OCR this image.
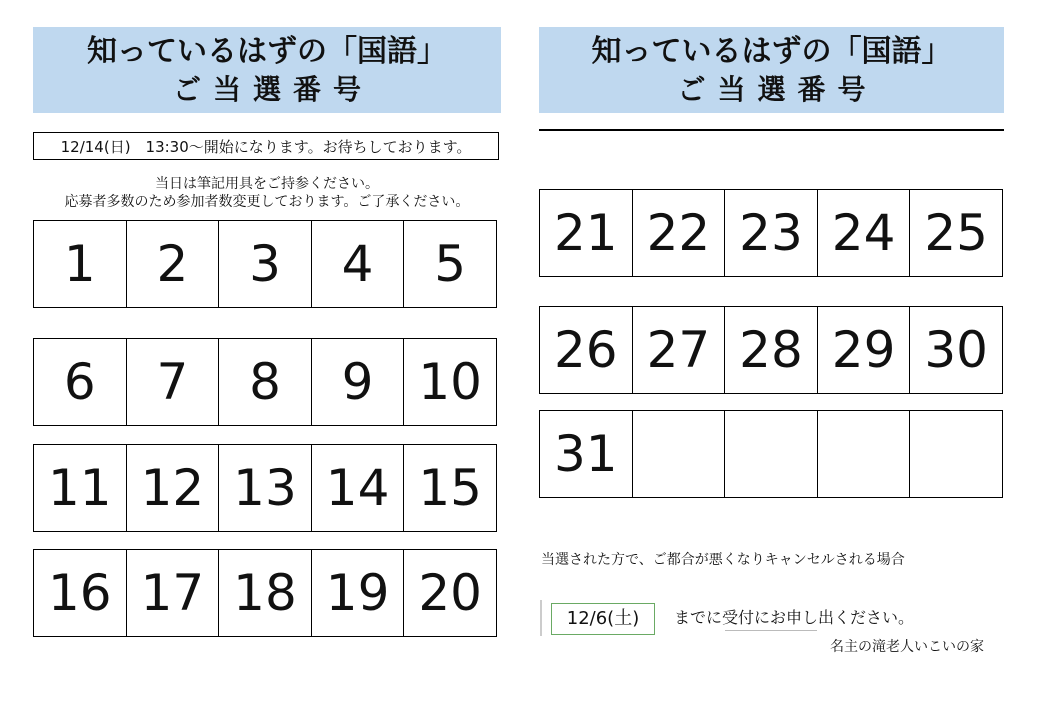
知っているはずの「国語」
ご当選番号
知っているはずの「国語」
ご当選番号
12/14(日)　13:30～開始になります。お待ちしております。
当日は筆記用具をご持参ください。
応募者多数のため参加者数変更しております。ご了承ください。
1	2	3	4	5
6	7	8	9 10
11 12 13 14 15
16 17 18 19 20
21 22 23 24 25
26 27 28 29 30
31
当選された方で、ご都合が悪くなりキャンセルされる場合
12/6(土)	までに受付にお申し出ください。
名主の滝老人いこいの家
